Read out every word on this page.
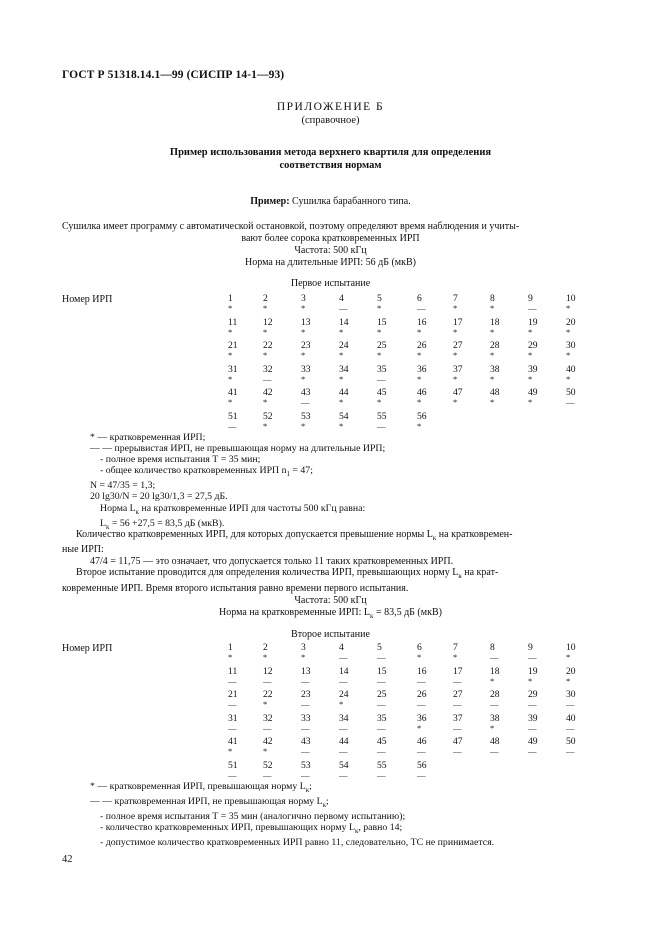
ГОСТ Р 51318.14.1—99 (СИСПР 14-1—93)
ПРИЛОЖЕНИЕ Б
(справочное)
Пример использования метода верхнего квартиля для определения
соответствия нормам
Пример: Сушилка барабанного типа.
Сушилка имеет программу с автоматической остановкой, поэтому определяют время наблюдения и учиты-
вают более сорока кратковременных ИРП
Частота: 500 кГц
Норма на длительные ИРП: 56 дБ (мкВ)
Первое испытание
Номер ИРП	1	2	3	4	5	6	7	8	9	10
*	*	*	—	*	—	*	*	—	*
11	12	13	14	15	16	17	18	19	20
*	*	*	*	*	*	*	*	*	*
21	22	23	24	25	26	27	28	29	30
*	*	*	*	*	*	*	*	*	*
31	32	33	34	35	36	37	38	39	40
*	—	*	*	—	*	*	*	*	*
41	42	43	44	45	46	47	48	49	50
*	*	—	*	*	*	*	*	*	—
51	52	53	54	55	56
—	*	*	*	—	*
* — кратковременная ИРП;
— — прерывистая ИРП, не превышающая норму на длительные ИРП;
- полное время испытания Т = 35 мин;
- общее количество кратковременных ИРП $n_1 = 47$;
N = 47/35 = 1,3;
20 lg30/N = 20 lg30/1,3 = 27,5 дБ.
Норма $L_к$ на кратковременные ИРП для частоты 500 кГц равна:
$L_к = 56 +27,5 = 83,5$ дБ (мкВ).
Количество кратковременных ИРП, для которых допускается превышение нормы $L_к$ на кратковремен-
ные ИРП:
47/4 = 11,75 — это означает, что допускается только 11 таких кратковременных ИРП.
Второе испытание проводится для определения количества ИРП, превышающих норму $L_к$ на крат-
ковременные ИРП. Время второго испытания равно времени первого испытания.
Частота: 500 кГц
Норма на кратковременные ИРП: $L_к = 83,5$ дБ (мкВ)
Второе испытание
Номер ИРП	1	2	3	4	5	6	7	8	9	10
*	*	*	—	—	*	*	—	—	*
11	12	13	14	15	16	17	18	19	20
—	—	—	—	—	—	—	*	*	*
21	22	23	24	25	26	27	28	29	30
—	*	—	*	—	—	—	—	—	—
31	32	33	34	35	36	37	38	39	40
—	—	—	—	—	*	—	*	—	—
41	42	43	44	45	46	47	48	49	50
*	*	—	—	—	—	—	—	—	—
51	52	53	54	55	56
—	—	—	—	—	—
* — кратковременная ИРП, превышающая норму $L_к$;
— — кратковременная ИРП, не превышающая норму $L_к$;
- полное время испытания Т = 35 мин (аналогично первому испытанию);
- количество кратковременных ИРП, превышающих норму $L_к$, равно 14;
- допустимое количество кратковременных ИРП равно 11, следовательно, ТС не принимается.
42
